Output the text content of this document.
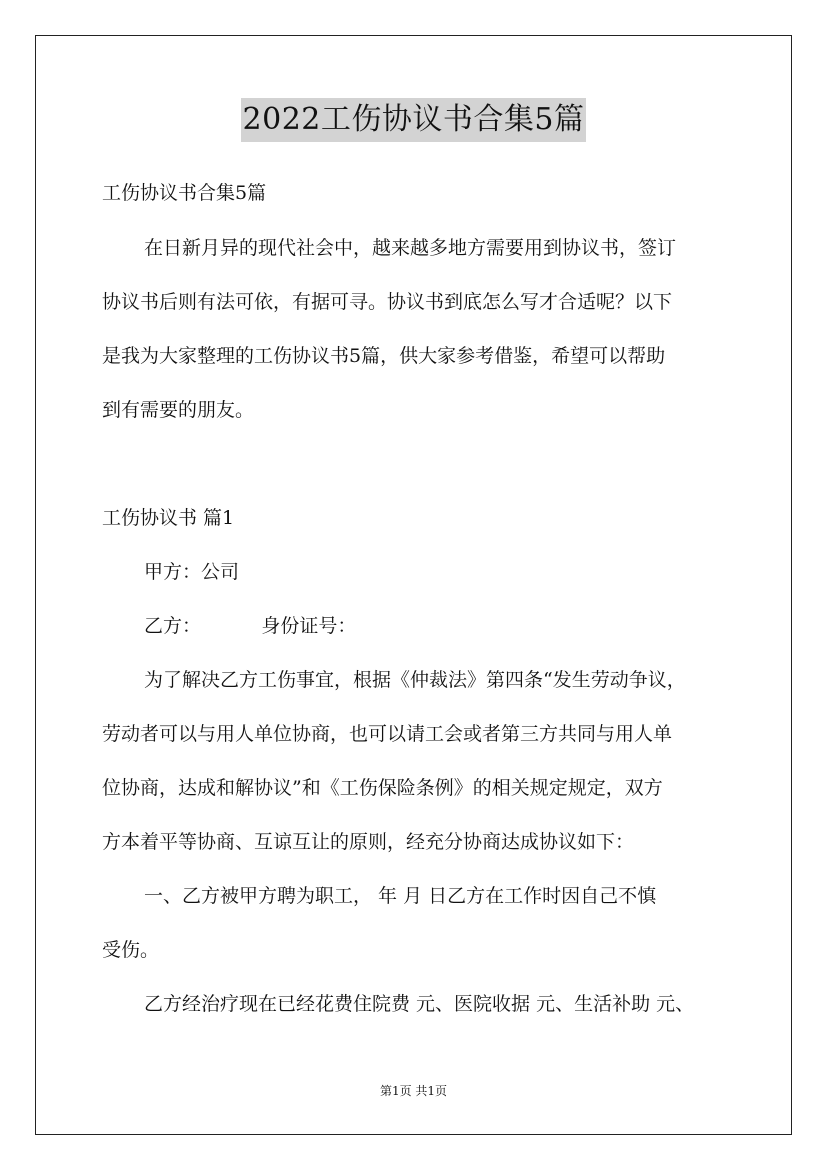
2022工伤协议书合集5篇

工伤协议书合集5篇

在日新月异的现代社会中，越来越多地方需要用到协议书，签订

协议书后则有法可依，有据可寻。协议书到底怎么写才合适呢？以下

是我为大家整理的工伤协议书5篇，供大家参考借鉴，希望可以帮助

到有需要的朋友。

工伤协议书 篇1

甲方：公司

乙方：          身份证号：

为了解决乙方工伤事宜，根据《仲裁法》第四条“发生劳动争议，

劳动者可以与用人单位协商，也可以请工会或者第三方共同与用人单

位协商，达成和解协议”和《工伤保险条例》的相关规定规定，双方

方本着平等协商、互谅互让的原则，经充分协商达成协议如下：

一、乙方被甲方聘为职工， 年 月 日乙方在工作时因自己不慎

受伤。

乙方经治疗现在已经花费住院费 元、医院收据 元、生活补助 元、

第1页 共1页
